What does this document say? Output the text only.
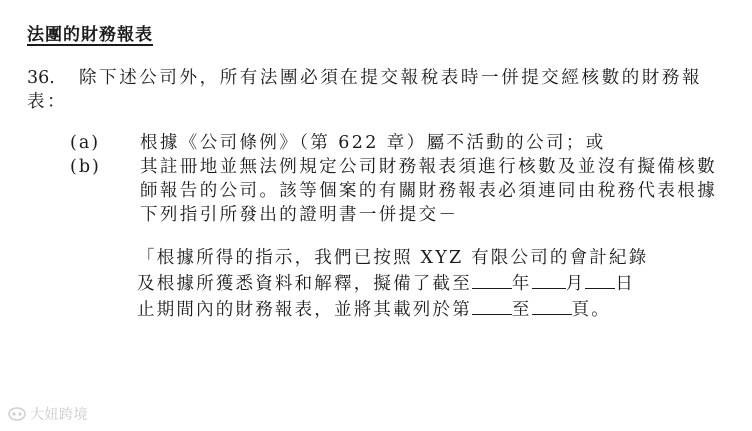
法團的財務報表
36. 除下述公司外，所有法團必須在提交報稅表時一併提交經核數的財務報表：
(a) 根據《公司條例》（第 622 章）屬不活動的公司；或
(b) 其註冊地並無法例規定公司財務報表須進行核數及並沒有擬備核數師報告的公司。該等個案的有關財務報表必須連同由稅務代表根據下列指引所發出的證明書一併提交－
「根據所得的指示，我們已按照 XYZ 有限公司的會計紀錄
及根據所獲悉資料和解釋，擬備了截至 年 月 日
止期間內的財務報表，並將其載列於第 至 頁。
大妞跨境
